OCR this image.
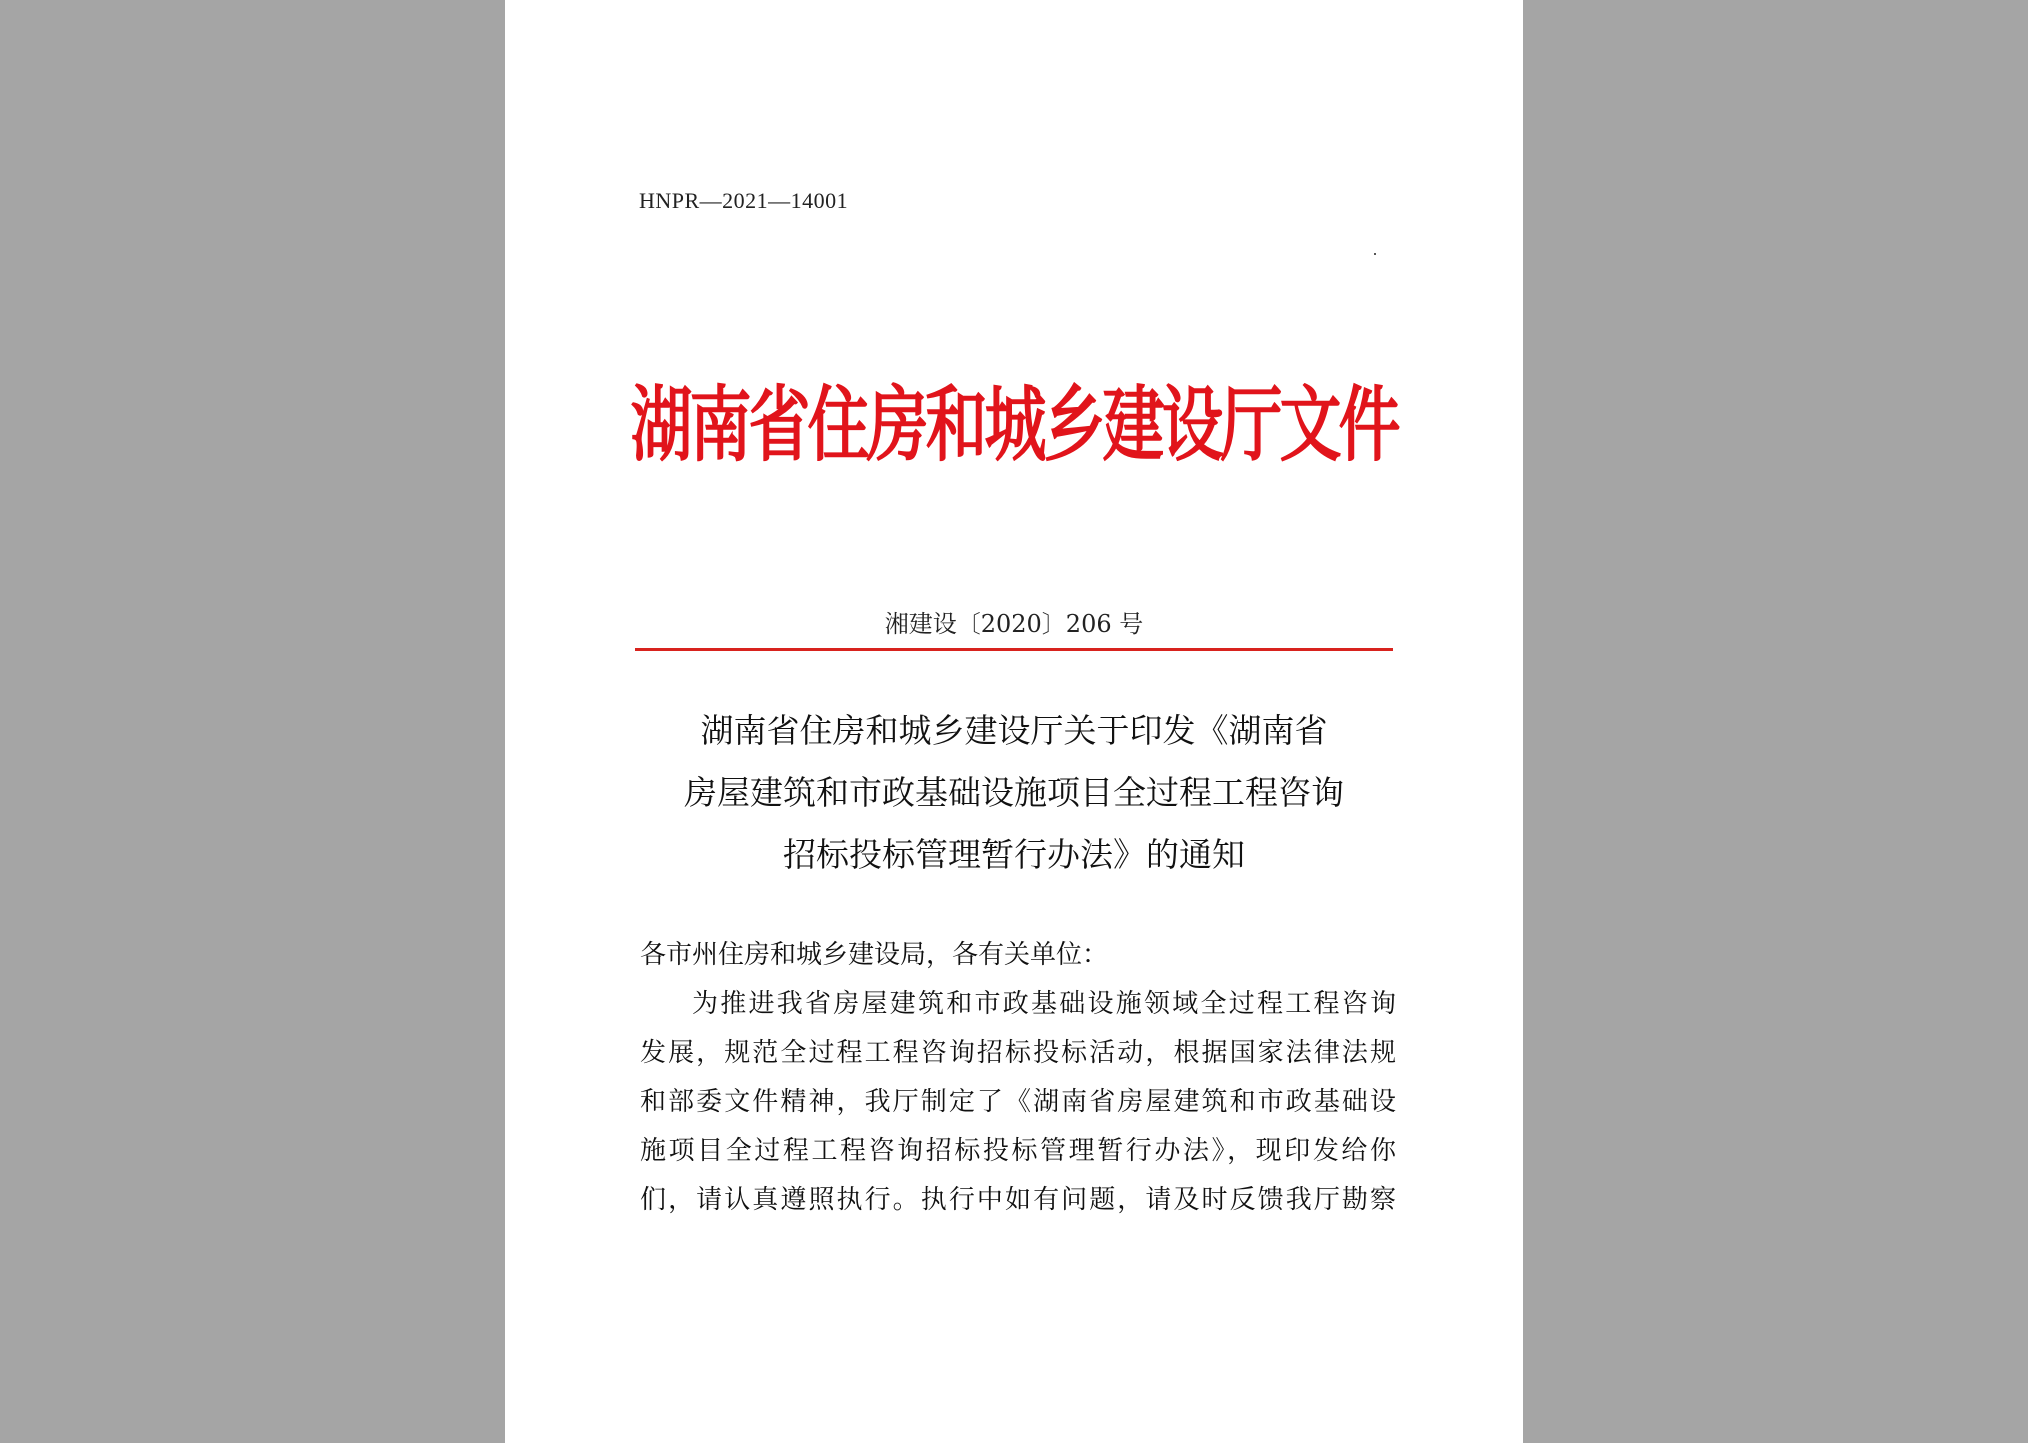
HNPR—2021—14001
湖南省住房和城乡建设厅文件
湘建设〔2020〕206 号
湖南省住房和城乡建设厅关于印发《湖南省
房屋建筑和市政基础设施项目全过程工程咨询
招标投标管理暂行办法》的通知
各市州住房和城乡建设局，各有关单位：
为推进我省房屋建筑和市政基础设施领域全过程工程咨询
发展，规范全过程工程咨询招标投标活动，根据国家法律法规
和部委文件精神，我厅制定了《湖南省房屋建筑和市政基础设
施项目全过程工程咨询招标投标管理暂行办法》，现印发给你
们，请认真遵照执行。执行中如有问题，请及时反馈我厅勘察
